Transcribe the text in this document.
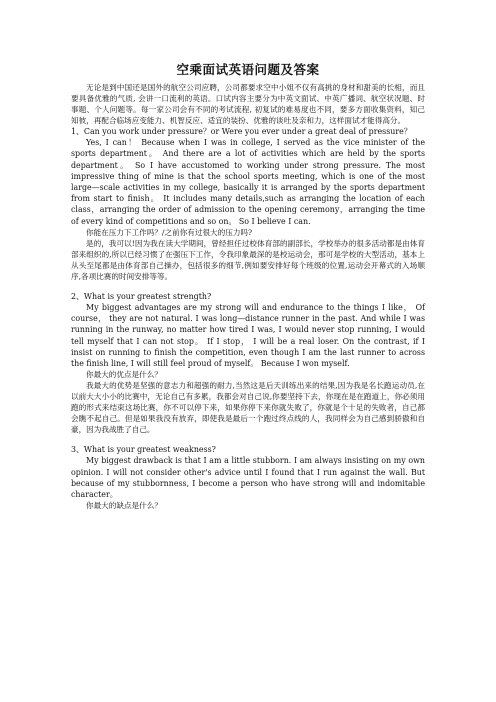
空乘面试英语问题及答案

无论是到中国还是国外的航空公司应聘，公司都要求空中小姐不仅有高挑的身材和甜美的长相，而且要具备优雅的气质, 会讲一口流利的英语。口试内容主要分为中英文面试、中英广播词、航空状况题、时事题、个人问题等。每一家公司会有不同的考试流程, 初复试的难易度也不同，要多方面收集资料，知己知彼，再配合临场应变能力、机智反应、适宜的装扮、优雅的谈吐及亲和力，这样面试才能得高分。

1、Can you work under pressure？or Were you ever under a great deal of pressure？

Yes, I can！ Because when I was in college, I served as the vice minister of the sports department。 And there are a lot of activities which are held by the sports department。 So I have accustomed to working under strong pressure. The most impressive thing of mine is that the school sports meeting, which is one of the most large—scale activities in my college, basically it is arranged by the sports department from start to finish。 It includes many details,such as arranging the location of each class，arranging the order of admission to the opening ceremony，arranging the time of every kind of competitions and so on。 So I believe I can.

你能在压力下工作吗？/之前你有过很大的压力吗?

是的，我可以!因为我在读大学期间，曾经担任过校体育部的副部长，学校举办的很多活动都是由体育部来组织的,所以已经习惯了在强压下工作，令我印象最深的是校运动会，那可是学校的大型活动，基本上从头至尾都是由体育部自己操办，包括很多的细节,例如要安排好每个班级的位置,运动会开幕式的入场顺序,各项比赛的时间安排等等。

2、What is your greatest strength?

My biggest advantages are my strong will and endurance to the things I like， Of course， they are not natural. I was long—distance runner in the past. And while I was running in the runway, no matter how tired I was, I would never stop running, I would tell myself that I can not stop。 If I stop， I will be a real loser. On the contrast, if I insist on running to finish the competition, even though I am the last runner to across the finish line, I will still feel proud of myself。 Because I won myself.

你最大的优点是什么？

我最大的优势是坚强的意志力和超强的耐力,当然这是后天训练出来的结果,因为我是名长跑运动员,在以前大大小小的比赛中，无论自己有多累，我都会对自己说,你要坚持下去，你现在是在跑道上，你必须用跑的形式来结束这场比赛，你不可以停下来，如果你停下来你就失败了，你就是个十足的失败者，自己都会瞧不起自己。但是如果我没有放弃，即使我是最后一个跑过终点线的人，我同样会为自己感到骄傲和自豪，因为我战胜了自己。

3、What is your greatest weakness?

My biggest drawback is that I am a little stubborn. I am always insisting on my own opinion. I will not consider other's advice until I found that I run against the wall. But because of my stubbornness, I become a person who have strong will and indomitable character。

你最大的缺点是什么？
